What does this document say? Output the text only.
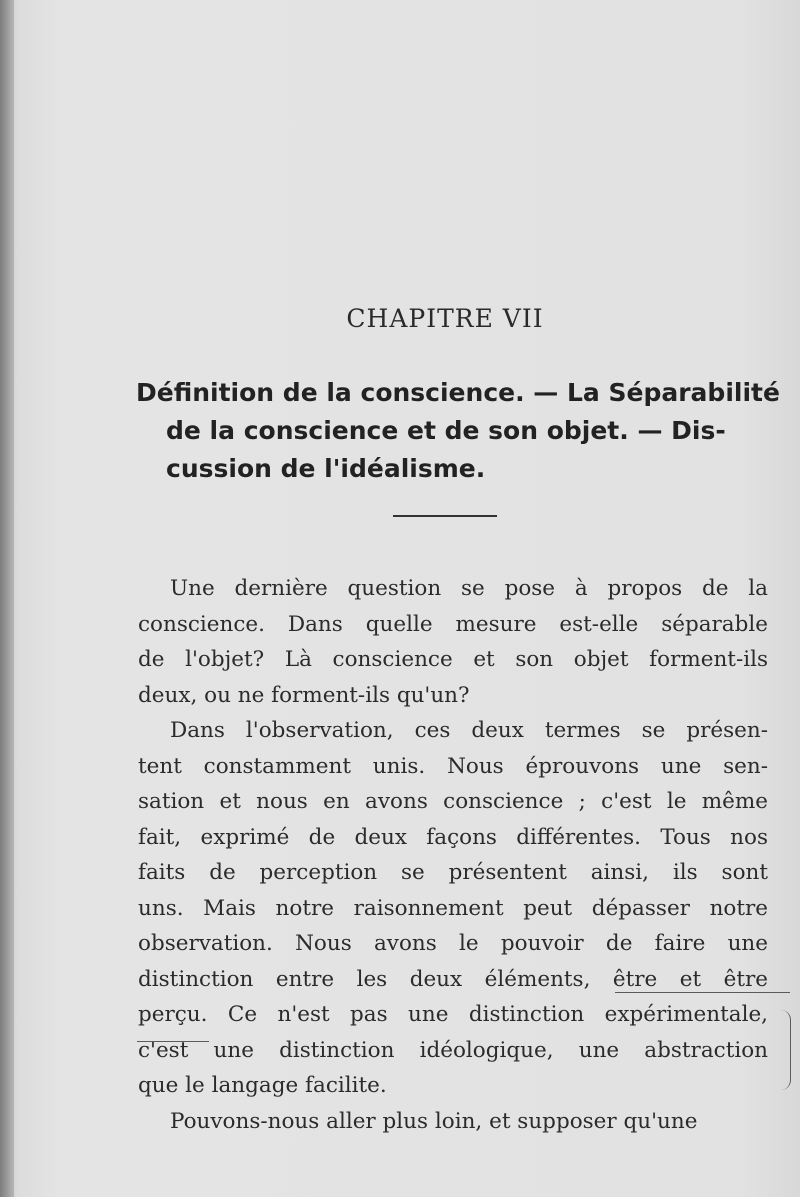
CHAPITRE VII
Définition de la conscience. — La Séparabilité
de la conscience et de son objet. — Dis-
cussion de l'idéalisme.
Une dernière question se pose à propos de la
conscience. Dans quelle mesure est-elle séparable
de l'objet? Là conscience et son objet forment-ils
deux, ou ne forment-ils qu'un?
Dans l'observation, ces deux termes se présen-
tent constamment unis. Nous éprouvons une sen-
sation et nous en avons conscience ; c'est le même
fait, exprimé de deux façons différentes. Tous nos
faits de perception se présentent ainsi, ils sont
uns. Mais notre raisonnement peut dépasser notre
observation. Nous avons le pouvoir de faire une
distinction entre les deux éléments, être et être
perçu. Ce n'est pas une distinction expérimentale,
c'est une distinction idéologique, une abstraction
que le langage facilite.
Pouvons-nous aller plus loin, et supposer qu'une
